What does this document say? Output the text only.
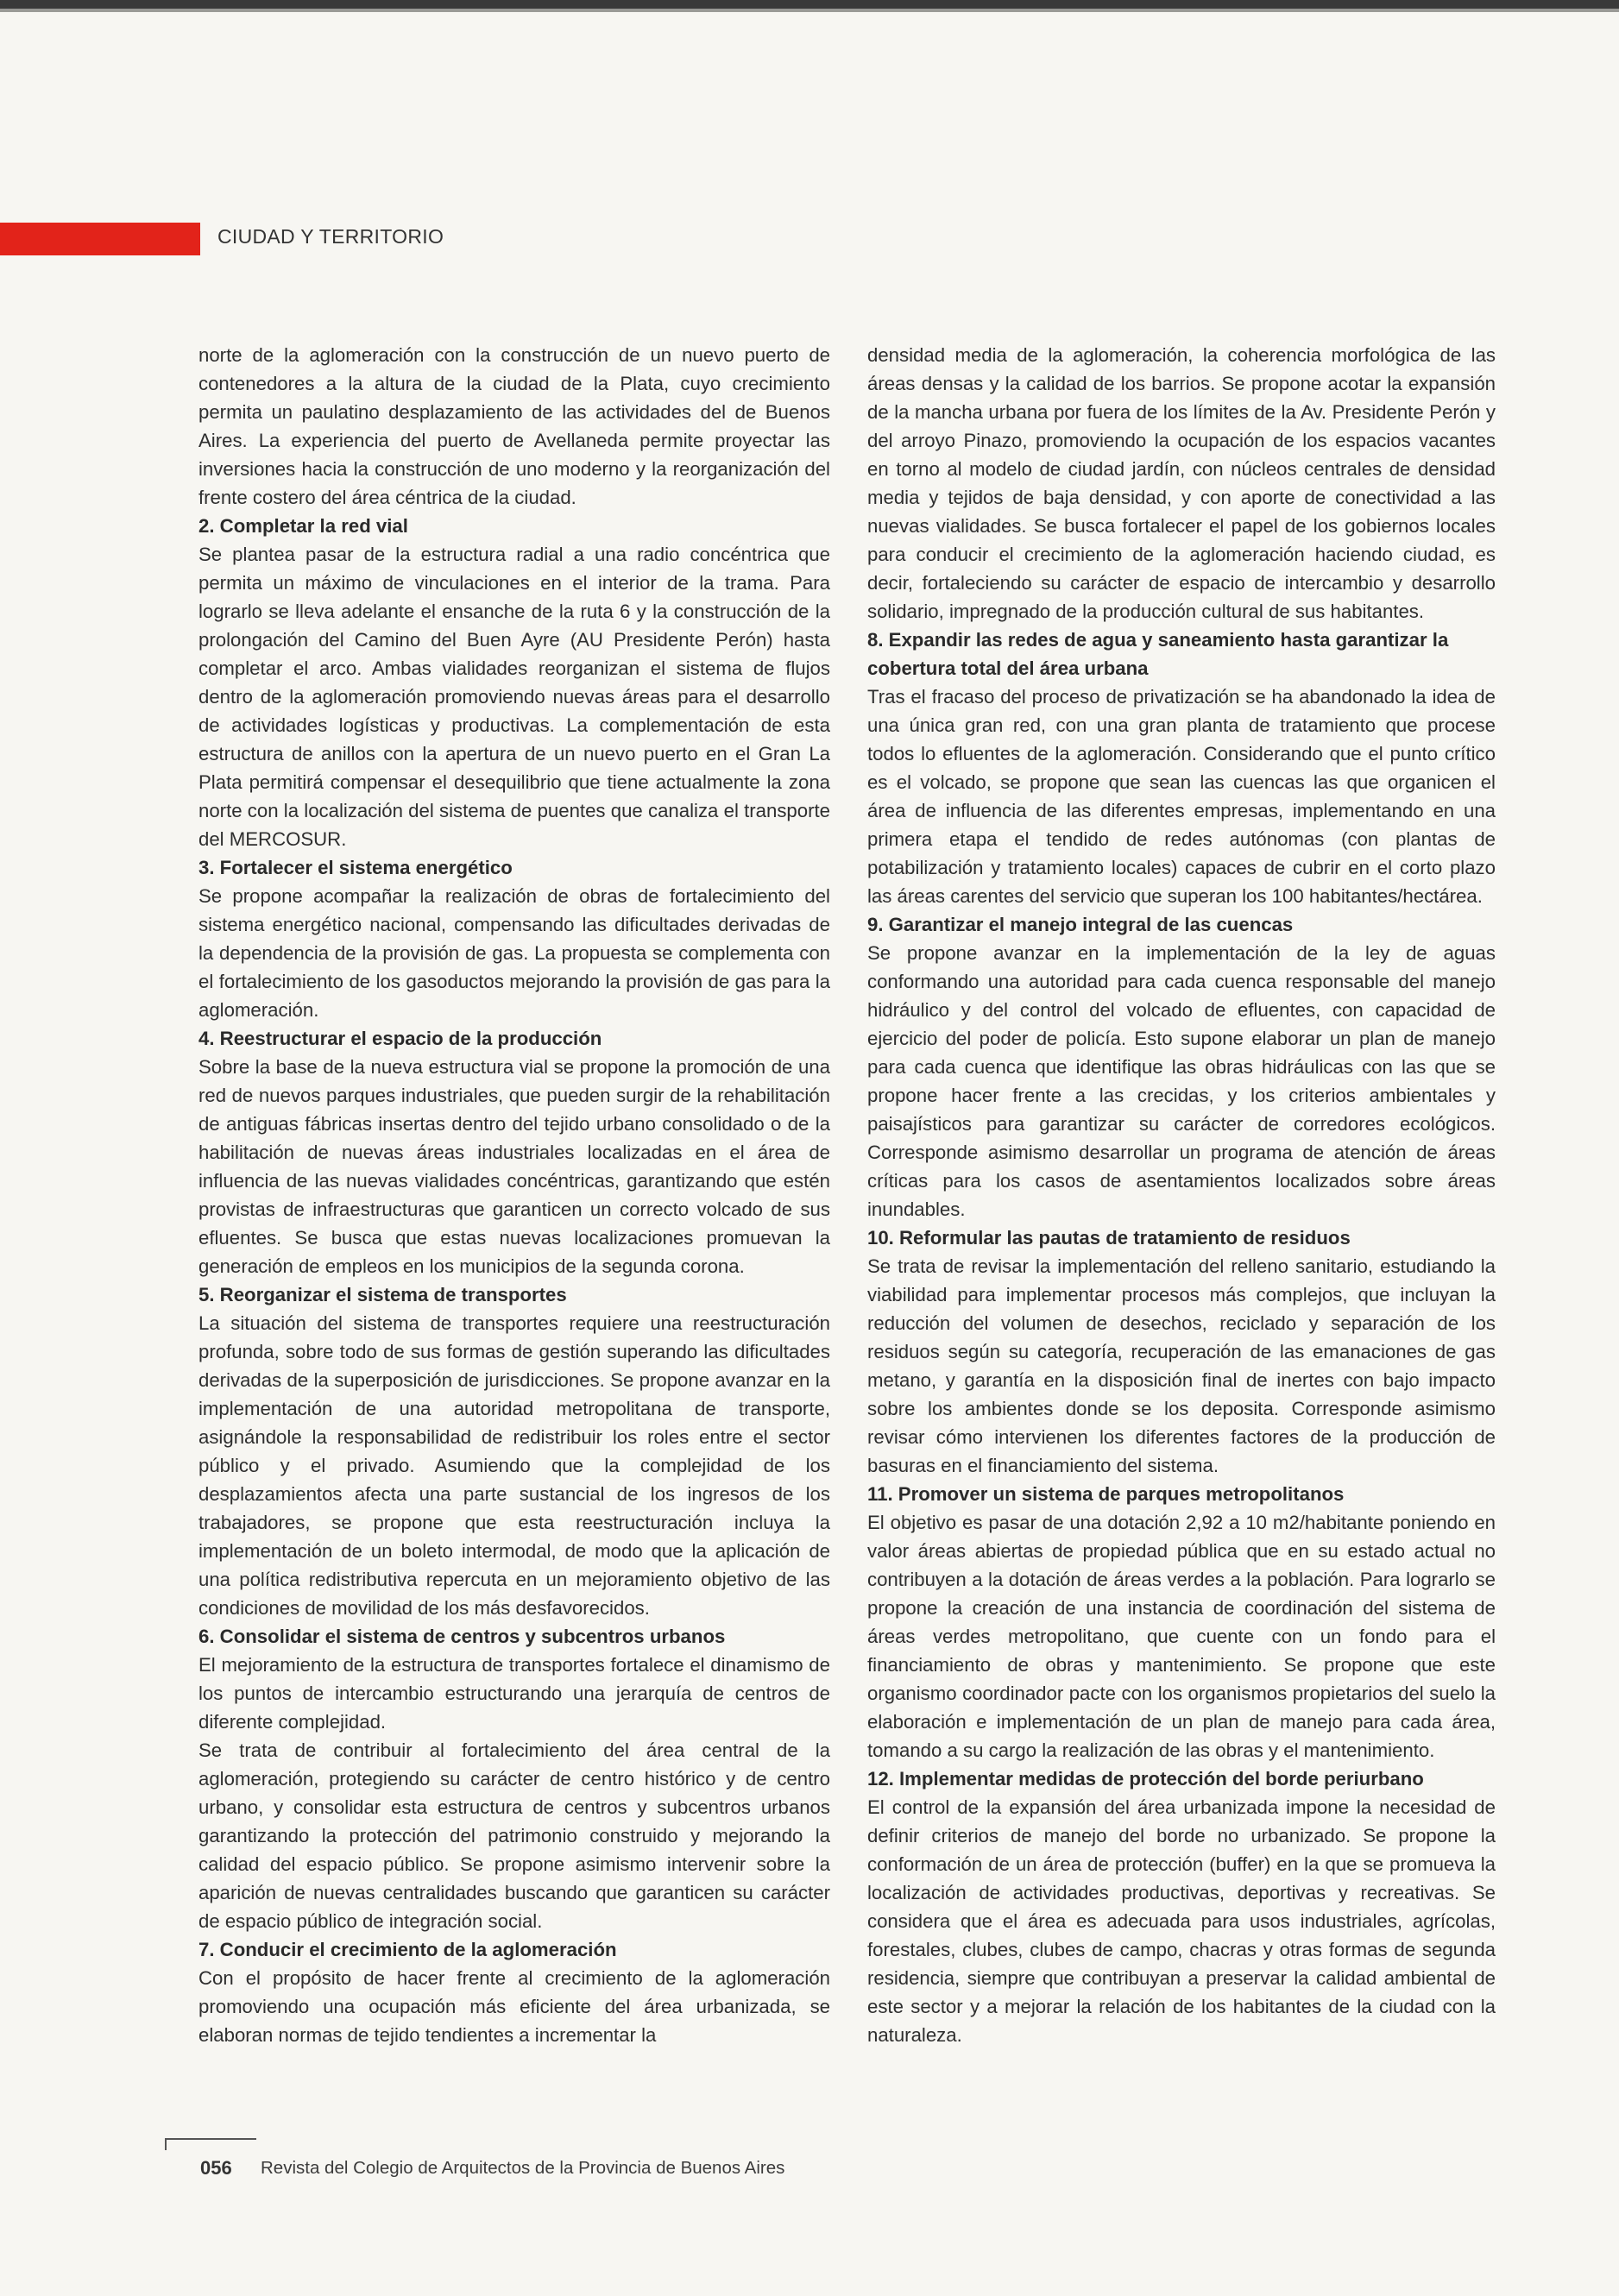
CIUDAD Y TERRITORIO

norte de la aglomeración con la construcción de un nuevo puerto de contenedores a la altura de la ciudad de la Plata, cuyo crecimiento permita un paulatino desplazamiento de las actividades del de Buenos Aires. La experiencia del puerto de Avellaneda permite proyectar las inversiones hacia la construcción de uno moderno y la reorganización del frente costero del área céntrica de la ciudad.

2. Completar la red vial

Se plantea pasar de la estructura radial a una radio concéntrica que permita un máximo de vinculaciones en el interior de la trama. Para lograrlo se lleva adelante el ensanche de la ruta 6 y la construcción de la prolongación del Camino del Buen Ayre (AU Presidente Perón) hasta completar el arco. Ambas vialidades reorganizan el sistema de flujos dentro de la aglomeración promoviendo nuevas áreas para el desarrollo de actividades logísticas y productivas. La complementación de esta estructura de anillos con la apertura de un nuevo puerto en el Gran La Plata permitirá compensar el desequilibrio que tiene actualmente la zona norte con la localización del sistema de puentes que canaliza el transporte del MERCOSUR.

3. Fortalecer el sistema energético

Se propone acompañar la realización de obras de fortalecimiento del sistema energético nacional, compensando las dificultades derivadas de la dependencia de la provisión de gas. La propuesta se complementa con el fortalecimiento de los gasoductos mejorando la provisión de gas para la aglomeración.

4. Reestructurar el espacio de la producción

Sobre la base de la nueva estructura vial se propone la promoción de una red de nuevos parques industriales, que pueden surgir de la rehabilitación de antiguas fábricas insertas dentro del tejido urbano consolidado o de la habilitación de nuevas áreas industriales localizadas en el área de influencia de las nuevas vialidades concéntricas, garantizando que estén provistas de infraestructuras que garanticen un correcto volcado de sus efluentes. Se busca que estas nuevas localizaciones promuevan la generación de empleos en los municipios de la segunda corona.

5. Reorganizar el sistema de transportes

La situación del sistema de transportes requiere una reestructuración profunda, sobre todo de sus formas de gestión superando las dificultades derivadas de la superposición de jurisdicciones. Se propone avanzar en la implementación de una autoridad metropolitana de transporte, asignándole la responsabilidad de redistribuir los roles entre el sector público y el privado. Asumiendo que la complejidad de los desplazamientos afecta una parte sustancial de los ingresos de los trabajadores, se propone que esta reestructuración incluya la implementación de un boleto intermodal, de modo que la aplicación de una política redistributiva repercuta en un mejoramiento objetivo de las condiciones de movilidad de los más desfavorecidos.

6. Consolidar el sistema de centros y subcentros urbanos

El mejoramiento de la estructura de transportes fortalece el dinamismo de los puntos de intercambio estructurando una jerarquía de centros de diferente complejidad.

Se trata de contribuir al fortalecimiento del área central de la aglomeración, protegiendo su carácter de centro histórico y de centro urbano, y consolidar esta estructura de centros y subcentros urbanos garantizando la protección del patrimonio construido y mejorando la calidad del espacio público. Se propone asimismo intervenir sobre la aparición de nuevas centralidades buscando que garanticen su carácter de espacio público de integración social.

7. Conducir el crecimiento de la aglomeración

Con el propósito de hacer frente al crecimiento de la aglomeración promoviendo una ocupación más eficiente del área urbanizada, se elaboran normas de tejido tendientes a incrementar la

densidad media de la aglomeración, la coherencia morfológica de las áreas densas y la calidad de los barrios. Se propone acotar la expansión de la mancha urbana por fuera de los límites de la Av. Presidente Perón y del arroyo Pinazo, promoviendo la ocupación de los espacios vacantes en torno al modelo de ciudad jardín, con núcleos centrales de densidad media y tejidos de baja densidad, y con aporte de conectividad a las nuevas vialidades. Se busca fortalecer el papel de los gobiernos locales para conducir el crecimiento de la aglomeración haciendo ciudad, es decir, fortaleciendo su carácter de espacio de intercambio y desarrollo solidario, impregnado de la producción cultural de sus habitantes.

8. Expandir las redes de agua y saneamiento hasta garantizar la cobertura total del área urbana

Tras el fracaso del proceso de privatización se ha abandonado la idea de una única gran red, con una gran planta de tratamiento que procese todos lo efluentes de la aglomeración. Considerando que el punto crítico es el volcado, se propone que sean las cuencas las que organicen el área de influencia de las diferentes empresas, implementando en una primera etapa el tendido de redes autónomas (con plantas de potabilización y tratamiento locales) capaces de cubrir en el corto plazo las áreas carentes del servicio que superan los 100 habitantes/hectárea.

9. Garantizar el manejo integral de las cuencas

Se propone avanzar en la implementación de la ley de aguas conformando una autoridad para cada cuenca responsable del manejo hidráulico y del control del volcado de efluentes, con capacidad de ejercicio del poder de policía. Esto supone elaborar un plan de manejo para cada cuenca que identifique las obras hidráulicas con las que se propone hacer frente a las crecidas, y los criterios ambientales y paisajísticos para garantizar su carácter de corredores ecológicos. Corresponde asimismo desarrollar un programa de atención de áreas críticas para los casos de asentamientos localizados sobre áreas inundables.

10. Reformular las pautas de tratamiento de residuos

Se trata de revisar la implementación del relleno sanitario, estudiando la viabilidad para implementar procesos más complejos, que incluyan la reducción del volumen de desechos, reciclado y separación de los residuos según su categoría, recuperación de las emanaciones de gas metano, y garantía en la disposición final de inertes con bajo impacto sobre los ambientes donde se los deposita. Corresponde asimismo revisar cómo intervienen los diferentes factores de la producción de basuras en el financiamiento del sistema.

11. Promover un sistema de parques metropolitanos

El objetivo es pasar de una dotación 2,92 a 10 m2/habitante poniendo en valor áreas abiertas de propiedad pública que en su estado actual no contribuyen a la dotación de áreas verdes a la población. Para lograrlo se propone la creación de una instancia de coordinación del sistema de áreas verdes metropolitano, que cuente con un fondo para el financiamiento de obras y mantenimiento. Se propone que este organismo coordinador pacte con los organismos propietarios del suelo la elaboración e implementación de un plan de manejo para cada área, tomando a su cargo la realización de las obras y el mantenimiento.

12. Implementar medidas de protección del borde periurbano

El control de la expansión del área urbanizada impone la necesidad de definir criterios de manejo del borde no urbanizado. Se propone la conformación de un área de protección (buffer) en la que se promueva la localización de actividades productivas, deportivas y recreativas. Se considera que el área es adecuada para usos industriales, agrícolas, forestales, clubes, clubes de campo, chacras y otras formas de segunda residencia, siempre que contribuyan a preservar la calidad ambiental de este sector y a mejorar la relación de los habitantes de la ciudad con la naturaleza.

056 Revista del Colegio de Arquitectos de la Provincia de Buenos Aires
